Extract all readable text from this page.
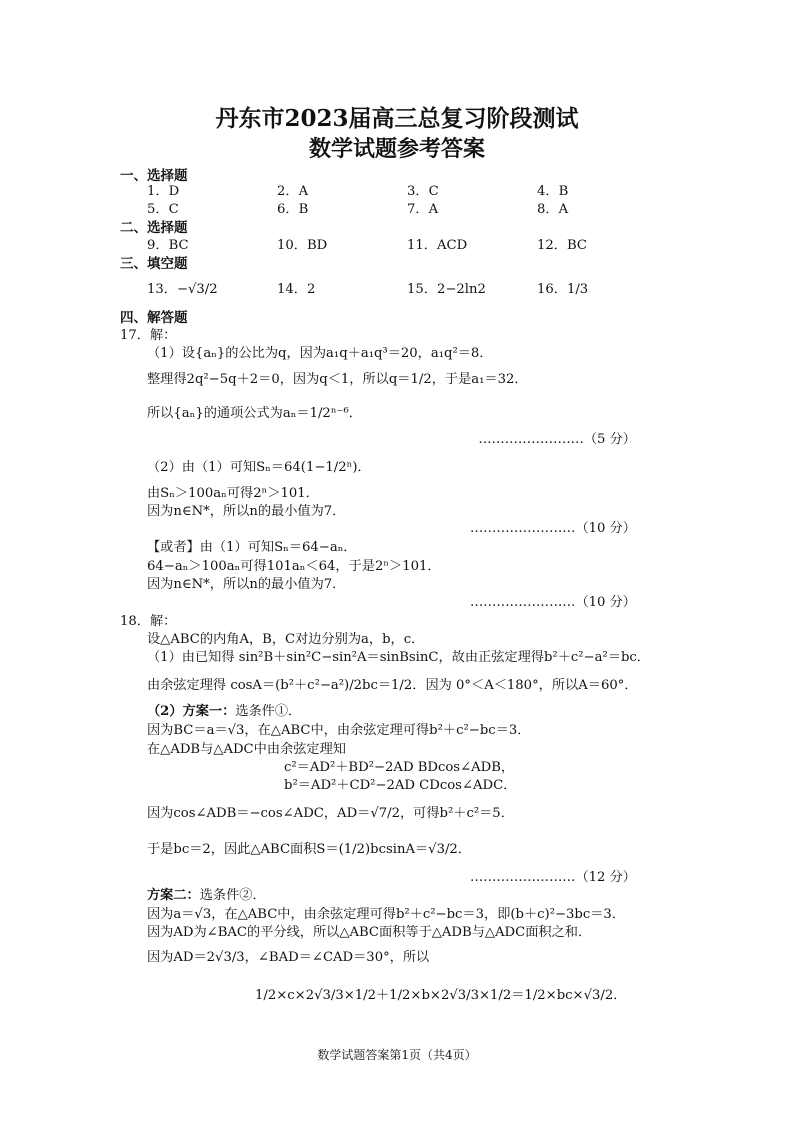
丹东市2023届高三总复习阶段测试
数学试题参考答案
一、选择题
1．D	2．A	3．C	4．B
5．C	6．B	7．A	8．A
二、选择题
9．BC	10．BD	11．ACD	12．BC
三、填空题
13．−√3/2	14．2	15．2−2ln2	16．1/3
四、解答题
17．解：
（1）设{aₙ}的公比为q，因为a₁q＋a₁q³＝20，a₁q²＝8．
整理得2q²−5q＋2＝0，因为q＜1，所以q＝1/2，于是a₁＝32．
所以{aₙ}的通项公式为aₙ＝1/2ⁿ⁻⁶．
……………………（5 分）
（2）由（1）可知Sₙ＝64(1−1/2ⁿ)．
由Sₙ＞100aₙ可得2ⁿ＞101．
因为n∈N*，所以n的最小值为7．
……………………（10 分）
【或者】由（1）可知Sₙ＝64−aₙ．
64−aₙ＞100aₙ可得101aₙ＜64，于是2ⁿ＞101．
因为n∈N*，所以n的最小值为7．
……………………（10 分）
18．解：
设△ABC的内角A，B，C对边分别为a，b，c．
（1）由已知得 sin²B＋sin²C−sin²A＝sinBsinC，故由正弦定理得b²＋c²−a²＝bc．
由余弦定理得 cosA＝(b²＋c²−a²)/2bc＝1/2．因为 0°＜A＜180°，所以A＝60°．
（2）方案一：选条件①．
因为BC＝a＝√3，在△ABC中，由余弦定理可得b²＋c²−bc＝3．
在△ADB与△ADC中由余弦定理知
c²＝AD²＋BD²−2AD BDcos∠ADB，
b²＝AD²＋CD²−2AD CDcos∠ADC．
因为cos∠ADB＝−cos∠ADC，AD＝√7/2，可得b²＋c²＝5．
于是bc＝2，因此△ABC面积S＝(1/2)bcsinA＝√3/2．
……………………（12 分）
方案二：选条件②．
因为a＝√3，在△ABC中，由余弦定理可得b²＋c²−bc＝3，即(b＋c)²−3bc＝3．
因为AD为∠BAC的平分线，所以△ABC面积等于△ADB与△ADC面积之和．
因为AD＝2√3/3，∠BAD＝∠CAD＝30°，所以
1/2×c×2√3/3×1/2＋1/2×b×2√3/3×1/2＝1/2×bc×√3/2．
数学试题答案第1页（共4页）
